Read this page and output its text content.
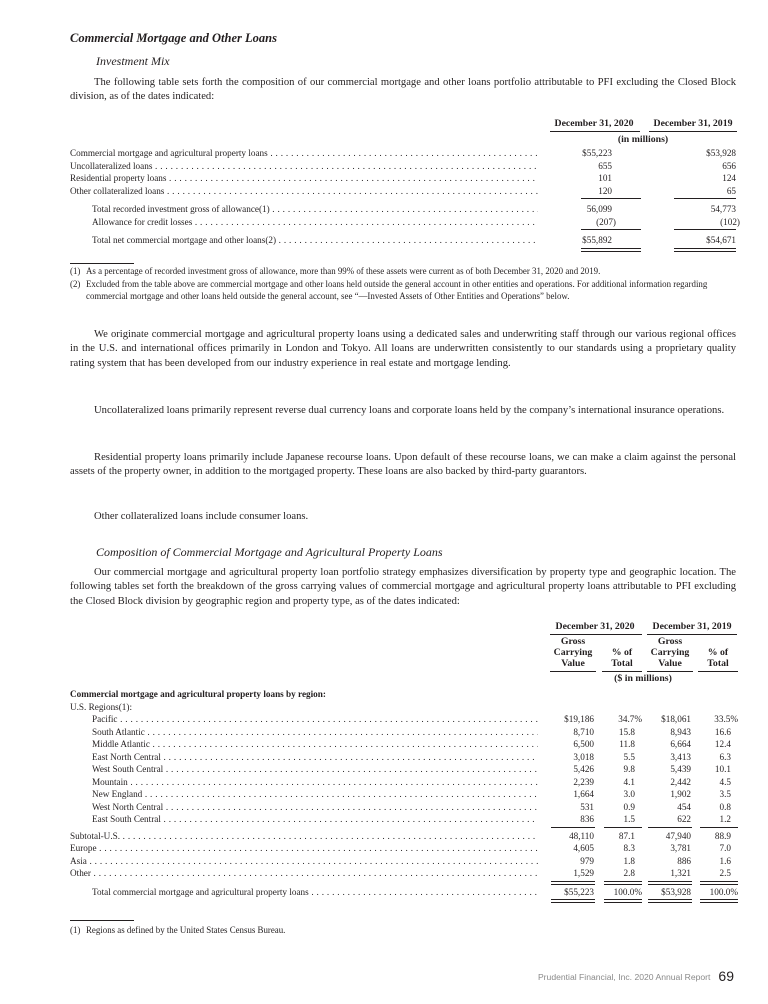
Commercial Mortgage and Other Loans
Investment Mix
The following table sets forth the composition of our commercial mortgage and other loans portfolio attributable to PFI excluding the Closed Block division, as of the dates indicated:
December 31, 2020	December 31, 2019
(in millions)
Commercial mortgage and agricultural property loans . . .	$55,223	$53,928
Uncollateralized loans . . .	655	656
Residential property loans . . .	101	124
Other collateralized loans . . .	120	65
Total recorded investment gross of allowance(1) . . .	56,099	54,773
Allowance for credit losses . . .	(207)	(102)
Total net commercial mortgage and other loans(2) . . .	$55,892	$54,671
(1) As a percentage of recorded investment gross of allowance, more than 99% of these assets were current as of both December 31, 2020 and 2019.
(2) Excluded from the table above are commercial mortgage and other loans held outside the general account in other entities and operations. For additional information regarding commercial mortgage and other loans held outside the general account, see “—Invested Assets of Other Entities and Operations” below.
We originate commercial mortgage and agricultural property loans using a dedicated sales and underwriting staff through our various regional offices in the U.S. and international offices primarily in London and Tokyo. All loans are underwritten consistently to our standards using a proprietary quality rating system that has been developed from our industry experience in real estate and mortgage lending.
Uncollateralized loans primarily represent reverse dual currency loans and corporate loans held by the company’s international insurance operations.
Residential property loans primarily include Japanese recourse loans. Upon default of these recourse loans, we can make a claim against the personal assets of the property owner, in addition to the mortgaged property. These loans are also backed by third-party guarantors.
Other collateralized loans include consumer loans.
Composition of Commercial Mortgage and Agricultural Property Loans
Our commercial mortgage and agricultural property loan portfolio strategy emphasizes diversification by property type and geographic location. The following tables set forth the breakdown of the gross carrying values of commercial mortgage and agricultural property loans attributable to PFI excluding the Closed Block division by geographic region and property type, as of the dates indicated:
December 31, 2020	December 31, 2019
Gross
Carrying
Value
% of
Total
Gross
Carrying
Value
% of
Total
($ in millions)
Commercial mortgage and agricultural property loans by region:
U.S. Regions(1):
Pacific . . .	$19,186	34.7% $18,061	33.5%
South Atlantic . . .	8,710	15.8	8,943	16.6
Middle Atlantic . . .	6,500	11.8	6,664	12.4
East North Central . . .	3,018	5.5	3,413	6.3
West South Central . . .	5,426	9.8	5,439	10.1
Mountain . . .	2,239	4.1	2,442	4.5
New England . . .	1,664	3.0	1,902	3.5
West North Central . . .	531	0.9	454	0.8
East South Central . . .	836	1.5	622	1.2
Subtotal-U.S. . . .	48,110	87.1	47,940	88.9
Europe . . .	4,605	8.3	3,781	7.0
Asia . . .	979	1.8	886	1.6
Other . . .	1,529	2.8	1,321	2.5
Total commercial mortgage and agricultural property loans . . .	$55,223 100.0% $53,928 100.0%
(1) Regions as defined by the United States Census Bureau.
Prudential Financial, Inc. 2020 Annual Report 69
